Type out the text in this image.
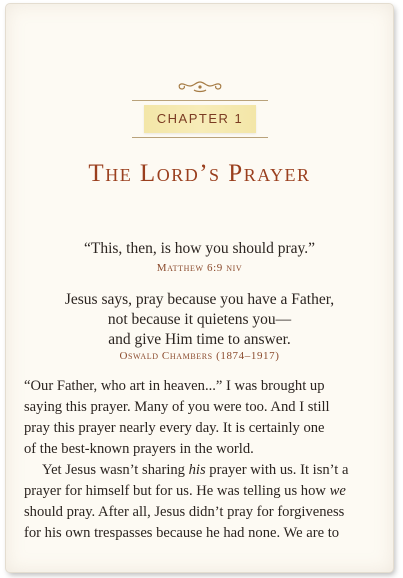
CHAPTER 1
The Lord’s Prayer
“This, then, is how you should pray.”
Matthew 6:9 niv
Jesus says, pray because you have a Father,
not because it quietens you—
and give Him time to answer.
Oswald Chambers (1874–1917)

“Our Father, who art in heaven...” I was brought up
saying this prayer. Many of you were too. And I still
pray this prayer nearly every day. It is certainly one
of the best-known prayers in the world.

Yet Jesus wasn’t sharing his prayer with us. It isn’t a
prayer for himself but for us. He was telling us how we
should pray. After all, Jesus didn’t pray for forgiveness
for his own trespasses because he had none. We are to
